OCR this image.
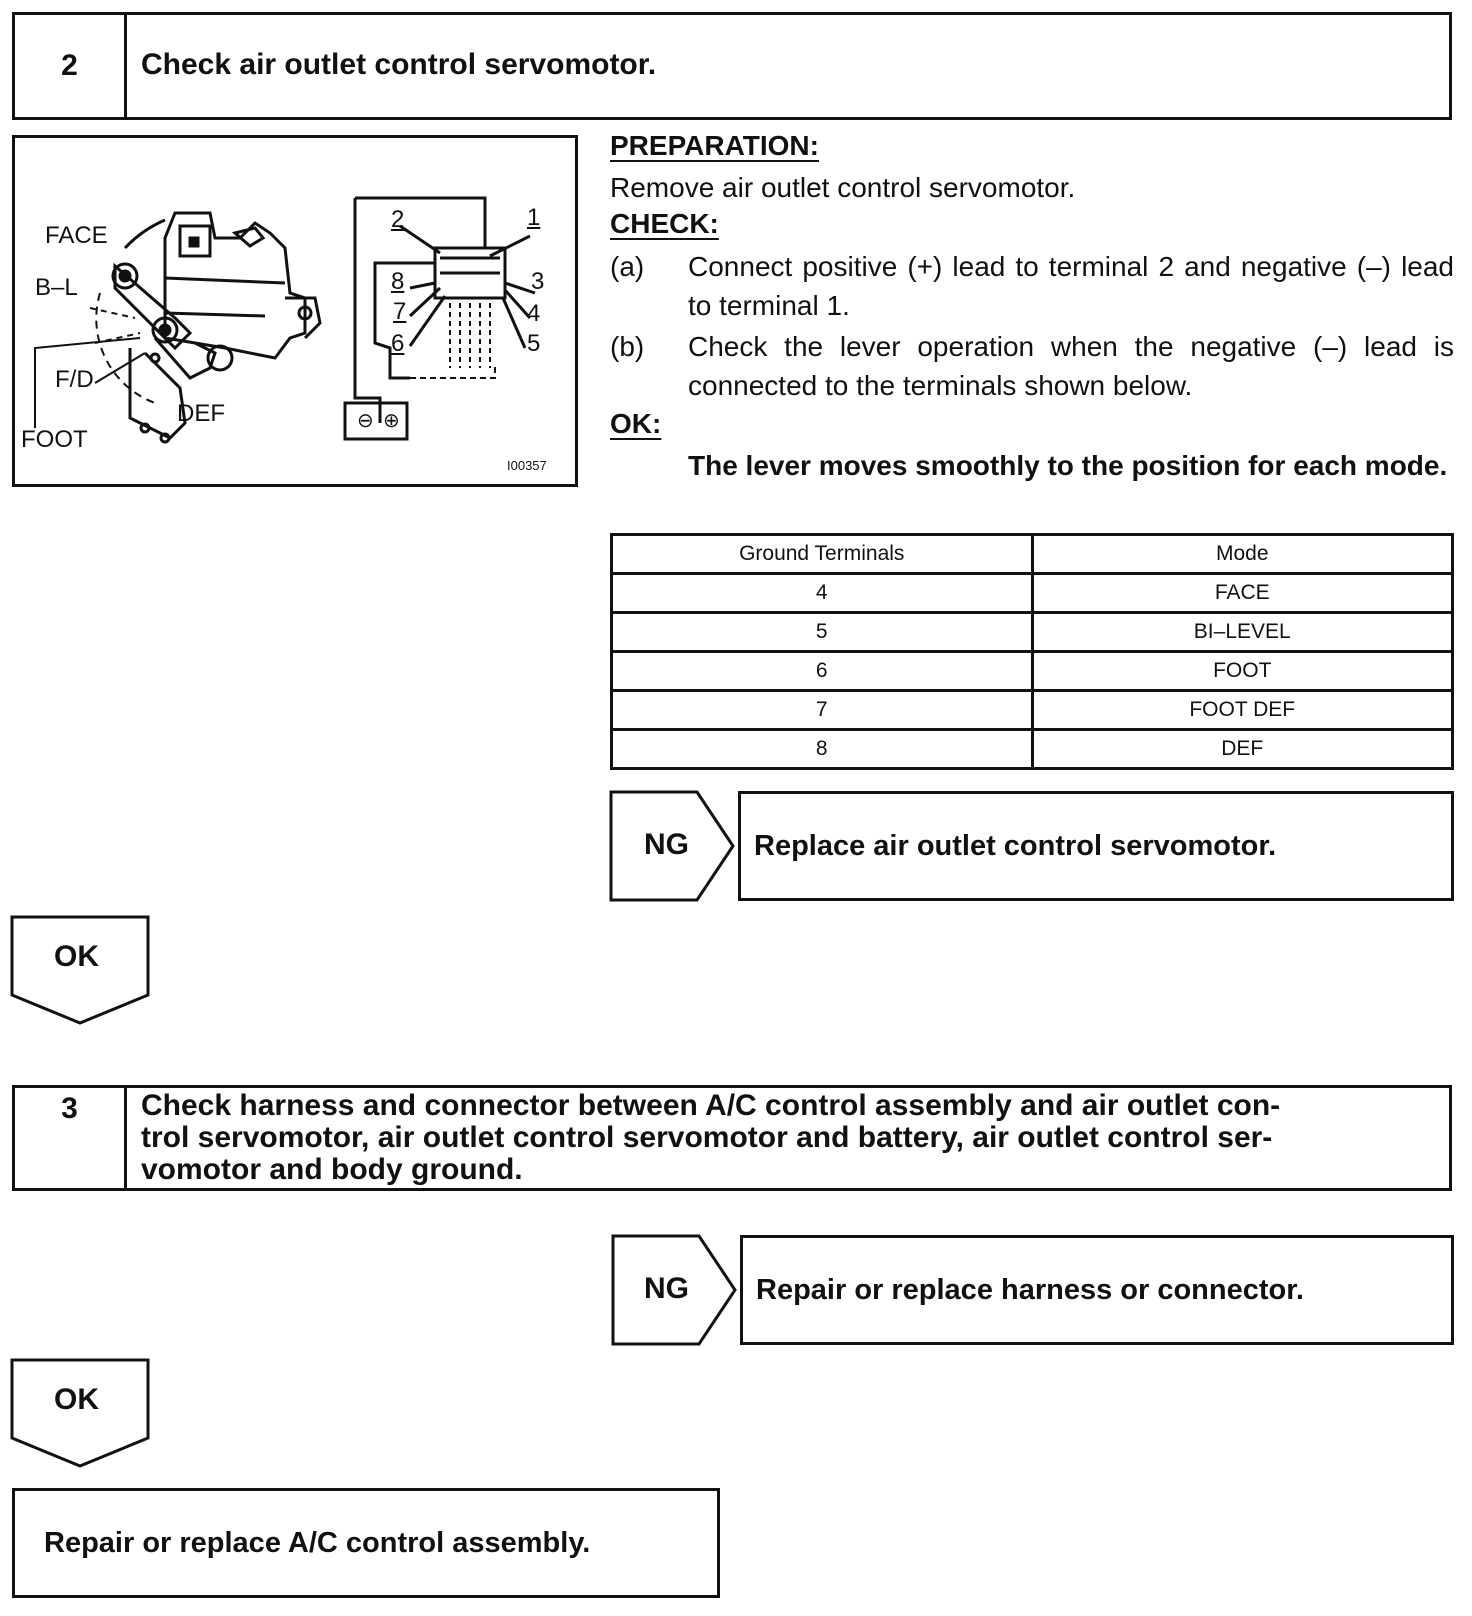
2	Check air outlet control servomotor.
⊖ ⊕
FACE
B–L
F/D
DEF
FOOT
2	1
8	3
7	4
6	5
I00357
PREPARATION:
Remove air outlet control servomotor.
CHECK:
(a) Connect positive (+) lead to terminal 2 and negative (–) lead to terminal 1.
(b) Check the lever operation when the negative (–) lead is connected to the terminals shown below.
OK:
The lever moves smoothly to the position for each mode.
Ground Terminals	Mode
4	FACE
5	BI–LEVEL
6	FOOT
7	FOOT DEF
8	DEF
NG Replace air outlet control servomotor.
OK
3 Check harness and connector between A/C control assembly and air outlet con-
trol servomotor, air outlet control servomotor and battery, air outlet control ser-
vomotor and body ground.
NG Repair or replace harness or connector.
OK
Repair or replace A/C control assembly.
